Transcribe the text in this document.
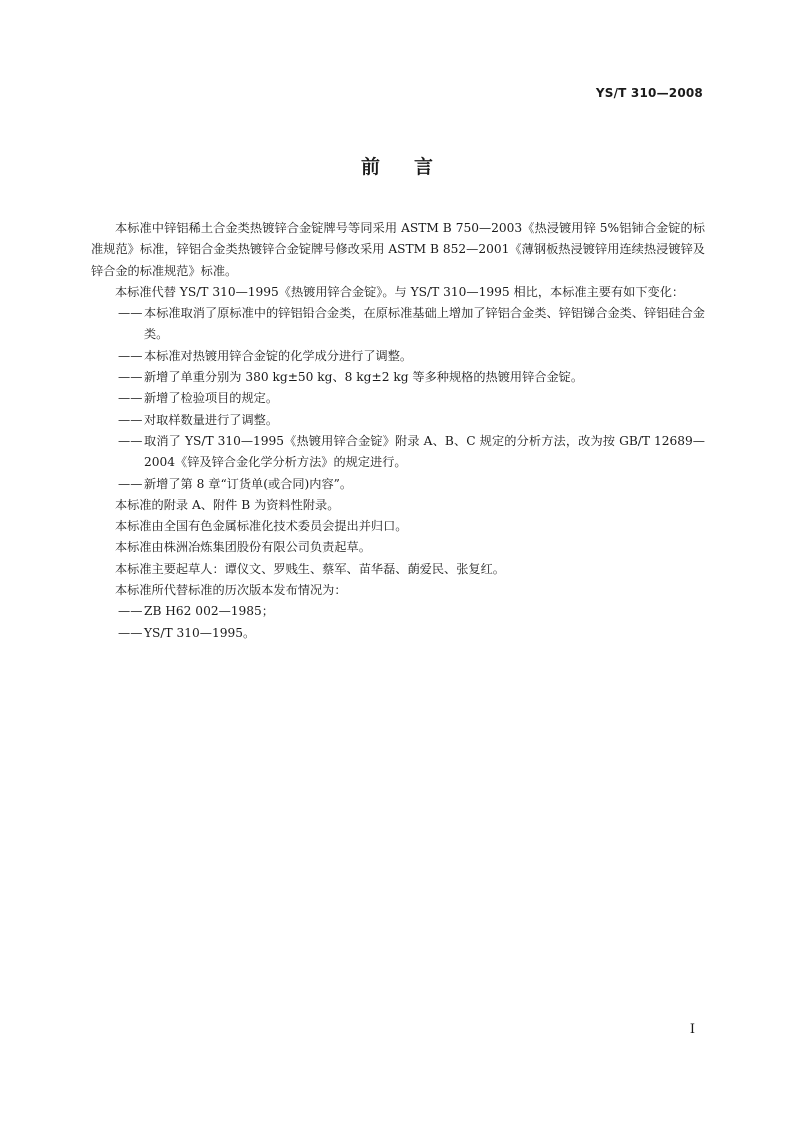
YS/T 310—2008
前言

本标准中锌铝稀土合金类热镀锌合金锭牌号等同采用 ASTM B 750—2003《热浸镀用锌 5%铝铈合金锭的标准规范》标准，锌铝合金类热镀锌合金锭牌号修改采用 ASTM B 852—2001《薄钢板热浸镀锌用连续热浸镀锌及锌合金的标准规范》标准。

本标准代替 YS/T 310—1995《热镀用锌合金锭》。与 YS/T 310—1995 相比，本标准主要有如下变化：

—— 本标准取消了原标准中的锌铝铅合金类，在原标准基础上增加了锌铝合金类、锌铝锑合金类、锌铝硅合金类。

—— 本标准对热镀用锌合金锭的化学成分进行了调整。

—— 新增了单重分别为 380 kg±50 kg、8 kg±2 kg 等多种规格的热镀用锌合金锭。

—— 新增了检验项目的规定。

—— 对取样数量进行了调整。

—— 取消了 YS/T 310—1995《热镀用锌合金锭》附录 A、B、C 规定的分析方法，改为按 GB/T 12689—2004《锌及锌合金化学分析方法》的规定进行。

—— 新增了第 8 章“订货单(或合同)内容”。

本标准的附录 A、附件 B 为资料性附录。

本标准由全国有色金属标准化技术委员会提出并归口。

本标准由株洲冶炼集团股份有限公司负责起草。

本标准主要起草人：谭仪文、罗贱生、蔡军、苗华磊、蓢爱民、张复红。

本标准所代替标准的历次版本发布情况为：

—— ZB H62 002—1985；

—— YS/T 310—1995。

I
